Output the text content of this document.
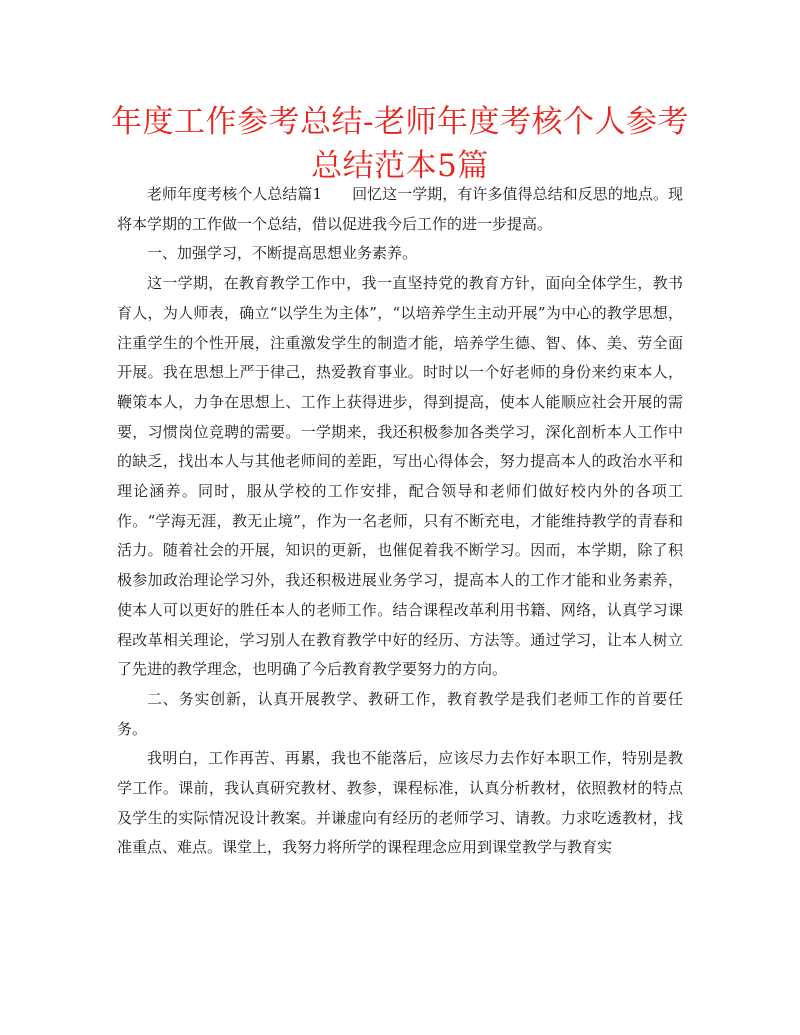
年度工作参考总结-老师年度考核个人参考总结范本5篇

老师年度考核个人总结篇1 回忆这一学期，有许多值得总结和反思的地点。现将本学期的工作做一个总结，借以促进我今后工作的进一步提高。

一、加强学习，不断提高思想业务素养。

这一学期，在教育教学工作中，我一直坚持党的教育方针，面向全体学生，教书育人，为人师表，确立“以学生为主体”，“以培养学生主动开展”为中心的教学思想，注重学生的个性开展，注重激发学生的制造才能，培养学生德、智、体、美、劳全面开展。我在思想上严于律己，热爱教育事业。时时以一个好老师的身份来约束本人，鞭策本人，力争在思想上、工作上获得进步，得到提高，使本人能顺应社会开展的需要，习惯岗位竞聘的需要。一学期来，我还积极参加各类学习，深化剖析本人工作中的缺乏，找出本人与其他老师间的差距，写出心得体会，努力提高本人的政治水平和理论涵养。同时，服从学校的工作安排，配合领导和老师们做好校内外的各项工作。“学海无涯，教无止境”，作为一名老师，只有不断充电，才能维持教学的青春和活力。随着社会的开展，知识的更新，也催促着我不断学习。因而，本学期，除了积极参加政治理论学习外，我还积极进展业务学习，提高本人的工作才能和业务素养，使本人可以更好的胜任本人的老师工作。结合课程改革利用书籍、网络，认真学习课程改革相关理论，学习别人在教育教学中好的经历、方法等。通过学习，让本人树立了先进的教学理念，也明确了今后教育教学要努力的方向。

二、务实创新，认真开展教学、教研工作，教育教学是我们老师工作的首要任务。

我明白，工作再苦、再累，我也不能落后，应该尽力去作好本职工作，特别是教学工作。课前，我认真研究教材、教参，课程标准，认真分析教材，依照教材的特点及学生的实际情况设计教案。并谦虚向有经历的老师学习、请教。力求吃透教材，找准重点、难点。课堂上，我努力将所学的课程理念应用到课堂教学与教育实
